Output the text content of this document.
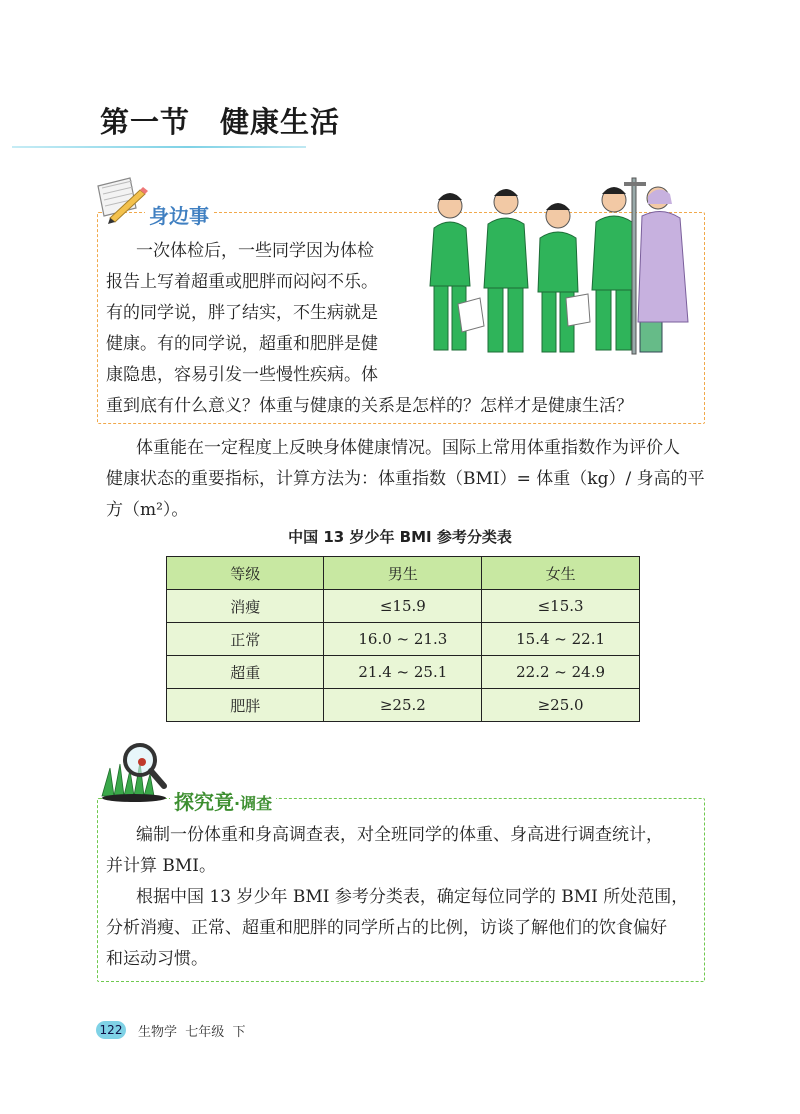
第一节　健康生活
身边事
一次体检后，一些同学因为体检
报告上写着超重或肥胖而闷闷不乐。
有的同学说，胖了结实，不生病就是
健康。有的同学说，超重和肥胖是健
康隐患，容易引发一些慢性疾病。体
重到底有什么意义？体重与健康的关系是怎样的？怎样才是健康生活？
体重能在一定程度上反映身体健康情况。国际上常用体重指数作为评价人
健康状态的重要指标，计算方法为：体重指数（BMI）= 体重（kg）/ 身高的平
方（m²）。
中国 13 岁少年 BMI 参考分类表
等级	男生	女生
消瘦	≤15.9	≤15.3
正常	16.0 ~ 21.3	15.4 ~ 22.1
超重	21.4 ~ 25.1	22.2 ~ 24.9
肥胖	≥25.2	≥25.0
探究竟·调查
编制一份体重和身高调查表，对全班同学的体重、身高进行调查统计，
并计算 BMI。
根据中国 13 岁少年 BMI 参考分类表，确定每位同学的 BMI 所处范围，
分析消瘦、正常、超重和肥胖的同学所占的比例，访谈了解他们的饮食偏好
和运动习惯。
122 生物学  七年级  下
